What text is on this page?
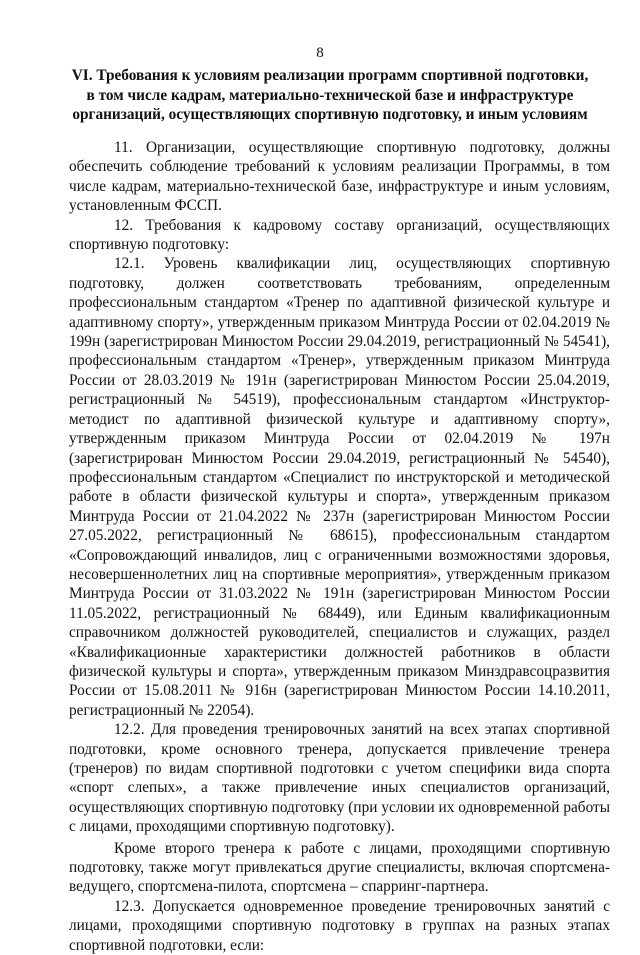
8
VI. Требования к условиям реализации программ спортивной подготовки, в том числе кадрам, материально-технической базе и инфраструктуре организаций, осуществляющих спортивную подготовку, и иным условиям

11. Организации, осуществляющие спортивную подготовку, должны обеспечить соблюдение требований к условиям реализации Программы, в том числе кадрам, материально-технической базе, инфраструктуре и иным условиям, установленным ФССП.

12. Требования к кадровому составу организаций, осуществляющих спортивную подготовку:

12.1. Уровень квалификации лиц, осуществляющих спортивную подготовку, должен соответствовать требованиям, определенным профессиональным стандартом «Тренер по адаптивной физической культуре и адаптивному спорту», утвержденным приказом Минтруда России от 02.04.2019 № 199н (зарегистрирован Минюстом России 29.04.2019, регистрационный № 54541), профессиональным стандартом «Тренер», утвержденным приказом Минтруда России от 28.03.2019 № 191н (зарегистрирован Минюстом России 25.04.2019, регистрационный № 54519), профессиональным стандартом «Инструктор-методист по адаптивной физической культуре и адаптивному спорту», утвержденным приказом Минтруда России от 02.04.2019 № 197н (зарегистрирован Минюстом России 29.04.2019, регистрационный № 54540), профессиональным стандартом «Специалист по инструкторской и методической работе в области физической культуры и спорта», утвержденным приказом Минтруда России от 21.04.2022 № 237н (зарегистрирован Минюстом России 27.05.2022, регистрационный № 68615), профессиональным стандартом «Сопровождающий инвалидов, лиц с ограниченными возможностями здоровья, несовершеннолетних лиц на спортивные мероприятия», утвержденным приказом Минтруда России от 31.03.2022 № 191н (зарегистрирован Минюстом России 11.05.2022, регистрационный № 68449), или Единым квалификационным справочником должностей руководителей, специалистов и служащих, раздел «Квалификационные характеристики должностей работников в области физической культуры и спорта», утвержденным приказом Минздравсоцразвития России от 15.08.2011 № 916н (зарегистрирован Минюстом России 14.10.2011, регистрационный № 22054).

12.2. Для проведения тренировочных занятий на всех этапах спортивной подготовки, кроме основного тренера, допускается привлечение тренера (тренеров) по видам спортивной подготовки с учетом специфики вида спорта «спорт слепых», а также привлечение иных специалистов организаций, осуществляющих спортивную подготовку (при условии их одновременной работы с лицами, проходящими спортивную подготовку).

Кроме второго тренера к работе с лицами, проходящими спортивную подготовку, также могут привлекаться другие специалисты, включая спортсмена-ведущего, спортсмена-пилота, спортсмена – спарринг-партнера.

12.3. Допускается одновременное проведение тренировочных занятий с лицами, проходящими спортивную подготовку в группах на разных этапах спортивной подготовки, если:
